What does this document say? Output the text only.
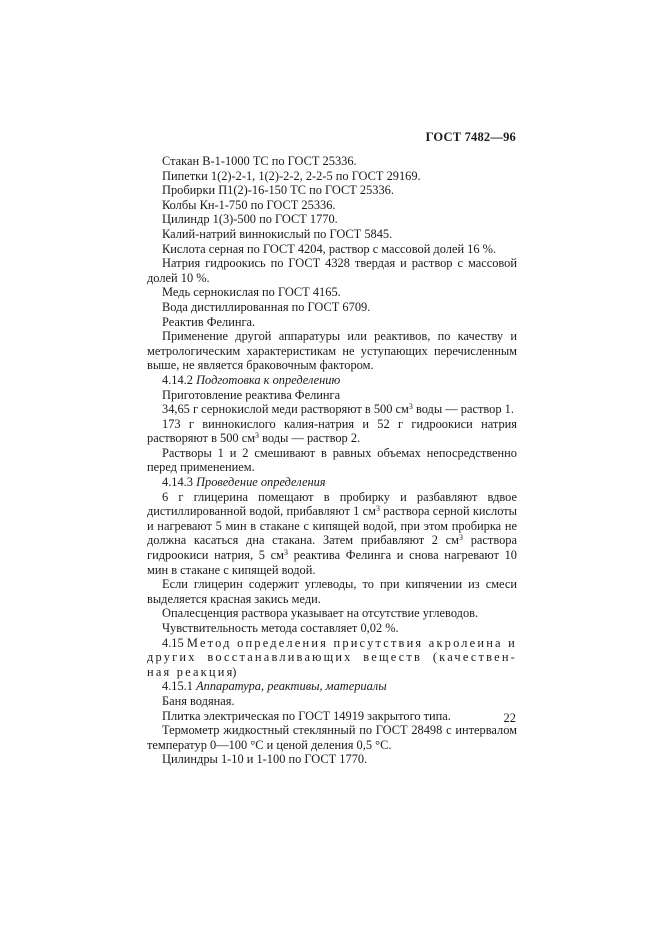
ГОСТ 7482—96

Стакан В-1-1000 ТС по ГОСТ 25336.

Пипетки 1(2)-2-1, 1(2)-2-2, 2-2-5 по ГОСТ 29169.

Пробирки П1(2)-16-150 ТС по ГОСТ 25336.

Колбы Кн-1-750 по ГОСТ 25336.

Цилиндр 1(3)-500 по ГОСТ 1770.

Калий-натрий виннокислый по ГОСТ 5845.

Кислота серная по ГОСТ 4204, раствор с массовой долей 16 %.

Натрия гидроокись по ГОСТ 4328 твердая и раствор с массовой долей 10 %.

Медь сернокислая по ГОСТ 4165.

Вода дистиллированная по ГОСТ 6709.

Реактив Фелинга.

Применение другой аппаратуры или реактивов, по качеству и метрологическим характеристикам не уступающих перечисленным выше, не является браковочным фактором.

4.14.2 Подготовка к определению

Приготовление реактива Фелинга

34,65 г сернокислой меди растворяют в 500 $см^3$ воды — раствор 1.

173 г виннокислого калия-натрия и 52 г гидроокиси натрия растворяют в 500 $см^3$ воды — раствор 2.

Растворы 1 и 2 смешивают в равных объемах непосредственно перед применением.

4.14.3 Проведение определения

6 г глицерина помещают в пробирку и разбавляют вдвое дистиллированной водой, прибавляют 1 $см^3$ раствора серной кислоты и нагревают 5 мин в стакане с кипящей водой, при этом пробирка не должна касаться дна стакана. Затем прибавляют 2 $см^3$ раствора гидроокиси натрия, 5 $см^3$ реактива Фелинга и снова нагревают 10 мин в стакане с кипящей водой.

Если глицерин содержит углеводы, то при кипячении из смеси выделяется красная закись меди.

Опалесценция раствора указывает на отсутствие углеводов.

Чувствительность метода составляет 0,02 %.

4.15 Метод определения присутствия акролеина и других восстанавливающих веществ (качествен-ная реакция)

4.15.1 Аппаратура, реактивы, материалы

Баня водяная.

Плитка электрическая по ГОСТ 14919 закрытого типа.

Термометр жидкостный стеклянный по ГОСТ 28498 с интервалом температур 0—100 °С и ценой деления 0,5 °С.

Цилиндры 1-10 и 1-100 по ГОСТ 1770.

22
